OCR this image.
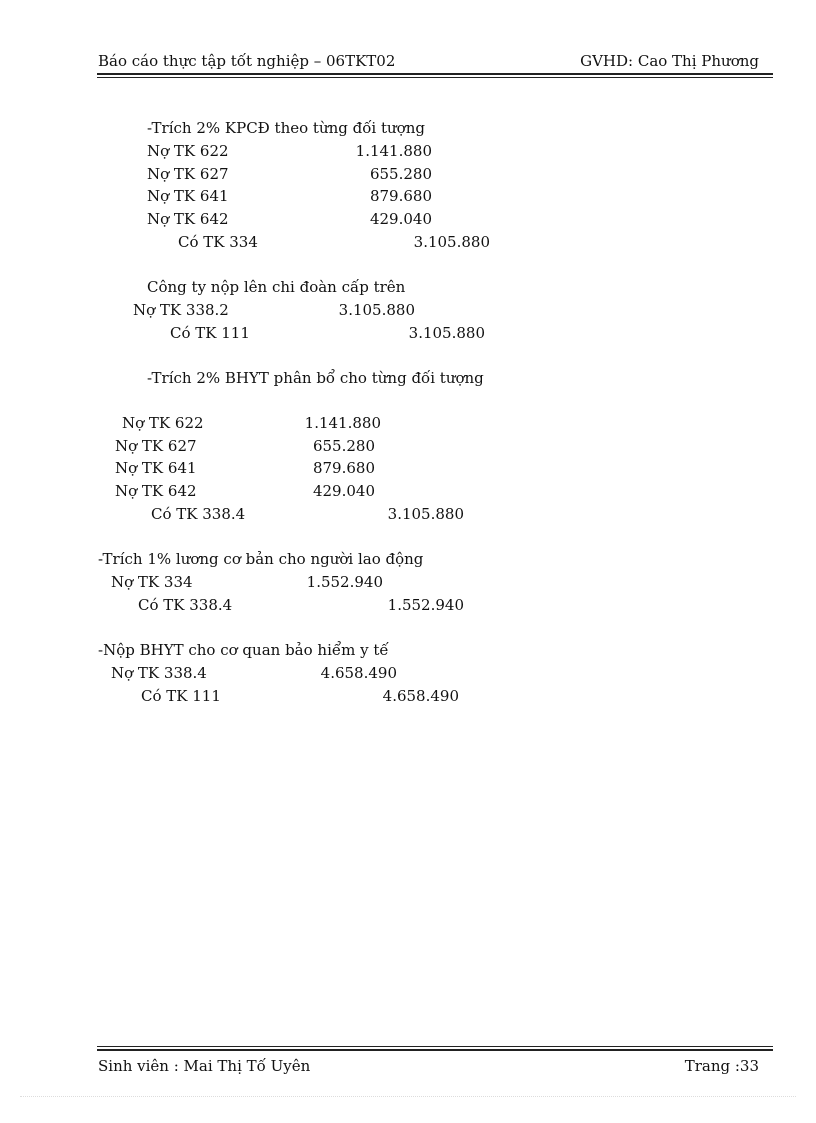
Báo cáo thực tập tốt nghiệp – 06TKT02	GVHD: Cao Thị Phương
-Trích 2% KPCĐ theo từng đối tượng
Nợ TK 622	1.141.880
Nợ TK 627	655.280
Nợ TK 641	879.680
Nợ TK 642	429.040
Có TK 334	3.105.880
Công ty nộp lên chi đoàn cấp trên
Nợ TK 338.2	3.105.880
Có TK 111	3.105.880
-Trích 2% BHYT phân bổ cho từng đối tượng
Nợ TK 622	1.141.880
Nợ TK 627	655.280
Nợ TK 641	879.680
Nợ TK 642	429.040
Có TK 338.4	3.105.880
-Trích 1% lương cơ bản cho người lao động
Nợ TK 334	1.552.940
Có TK 338.4	1.552.940
-Nộp BHYT cho cơ quan bảo hiểm y tế
Nợ TK 338.4	4.658.490
Có TK 111	4.658.490
Sinh viên : Mai Thị Tố Uyên	Trang :33
